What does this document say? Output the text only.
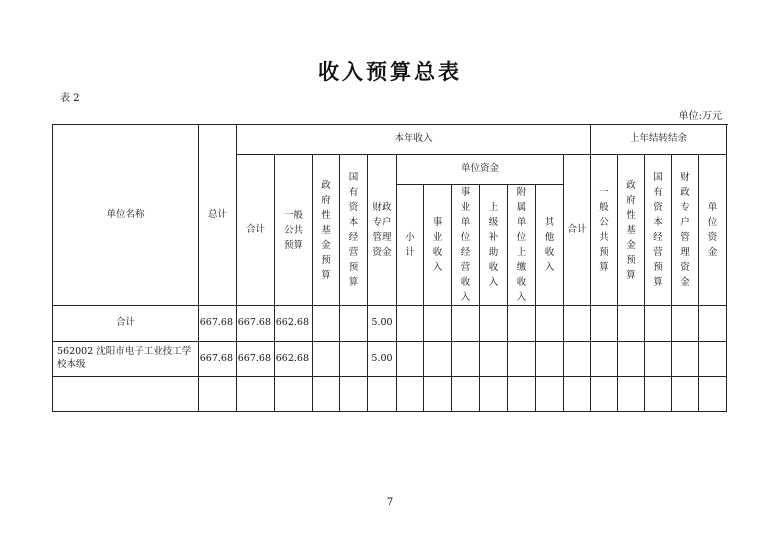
收入预算总表
表 2
单位:万元
单位名称	总计	本年收入												上年结转结余				
		合计	一般公共预算	政府性基金预算	国有资本经营预算	财政专户管理资金	单位资金						合计	一般公共预算	政府性基金预算	国有资本经营预算	财政专户管理资金	单位资金
							小计	事业收入	事业单位经营收入	上级补助收入	附属单位上缴收入	其他收入						
合计	667.68	667.68	662.68			5.00												
562002 沈阳市电子工业技工学校本级	667.68	667.68	662.68			5.00												

7
